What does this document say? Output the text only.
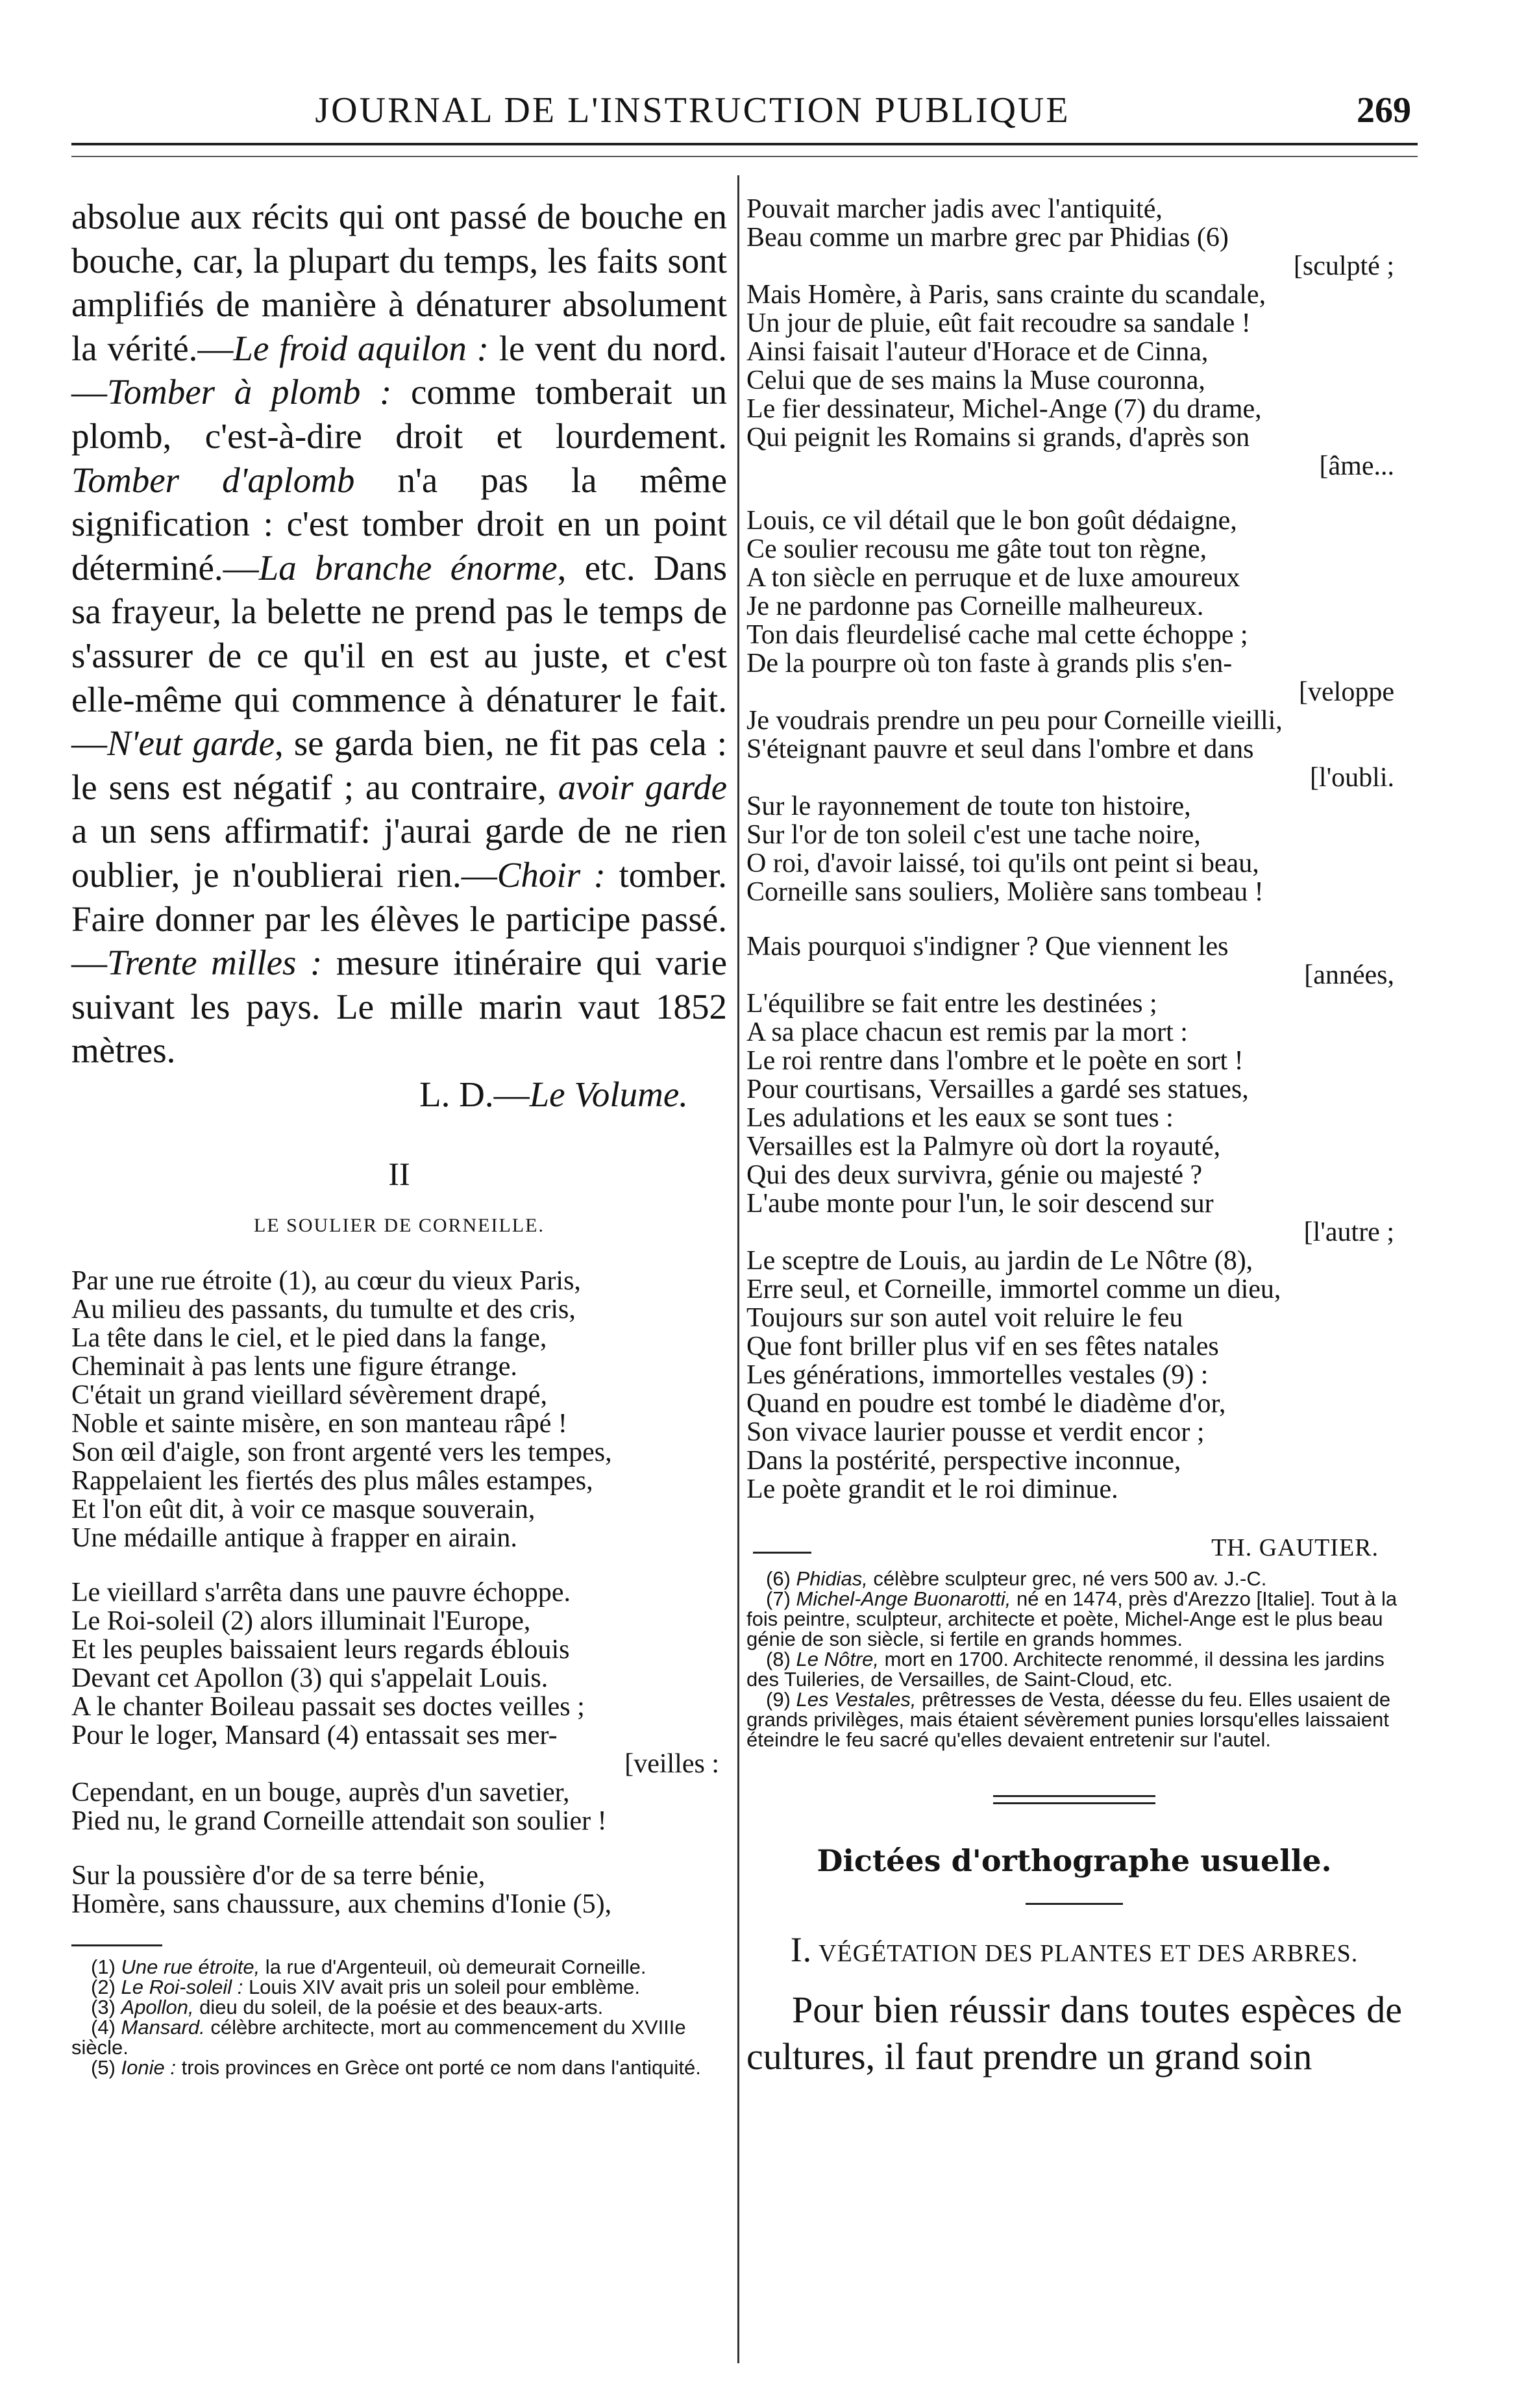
JOURNAL DE L'INSTRUCTION PUBLIQUE	269

absolue aux récits qui ont passé de bouche en bouche, car, la plupart du temps, les faits sont amplifiés de manière à dénaturer absolument la vérité.—Le froid aquilon : le vent du nord.—Tomber à plomb : comme tomberait un plomb, c'est-à-dire droit et lourdement. Tomber d'aplomb n'a pas la même signification : c'est tomber droit en un point déterminé.—La branche énorme, etc. Dans sa frayeur, la belette ne prend pas le temps de s'assurer de ce qu'il en est au juste, et c'est elle-même qui commence à dénaturer le fait.—N'eut garde, se garda bien, ne fit pas cela : le sens est négatif ; au contraire, avoir garde a un sens affirmatif: j'aurai garde de ne rien oublier, je n'oublierai rien.—Choir : tomber. Faire donner par les élèves le participe passé.—Trente milles : mesure itinéraire qui varie suivant les pays. Le mille marin vaut 1852 mètres.

L. D.—Le Volume.

II
LE SOULIER DE CORNEILLE.
Par une rue étroite (1), au cœur du vieux Paris,
Au milieu des passants, du tumulte et des cris,
La tête dans le ciel, et le pied dans la fange,
Cheminait à pas lents une figure étrange.
C'était un grand vieillard sévèrement drapé,
Noble et sainte misère, en son manteau râpé !
Son œil d'aigle, son front argenté vers les tempes,
Rappelaient les fiertés des plus mâles estampes,
Et l'on eût dit, à voir ce masque souverain,
Une médaille antique à frapper en airain.
Le vieillard s'arrêta dans une pauvre échoppe.
Le Roi-soleil (2) alors illuminait l'Europe,
Et les peuples baissaient leurs regards éblouis
Devant cet Apollon (3) qui s'appelait Louis.
A le chanter Boileau passait ses doctes veilles ;
Pour le loger, Mansard (4) entassait ses mer-
[veilles :
Cependant, en un bouge, auprès d'un savetier,
Pied nu, le grand Corneille attendait son soulier !
Sur la poussière d'or de sa terre bénie,
Homère, sans chaussure, aux chemins d'Ionie (5),

(1) Une rue étroite, la rue d'Argenteuil, où demeurait Corneille.

(2) Le Roi-soleil : Louis XIV avait pris un soleil pour emblème.

(3) Apollon, dieu du soleil, de la poésie et des beaux-arts.

(4) Mansard. célèbre architecte, mort au commencement du XVIIIe siècle.

(5) Ionie : trois provinces en Grèce ont porté ce nom dans l'antiquité.

Pouvait marcher jadis avec l'antiquité,
Beau comme un marbre grec par Phidias (6)
[sculpté ;
Mais Homère, à Paris, sans crainte du scandale,
Un jour de pluie, eût fait recoudre sa sandale !
Ainsi faisait l'auteur d'Horace et de Cinna,
Celui que de ses mains la Muse couronna,
Le fier dessinateur, Michel-Ange (7) du drame,
Qui peignit les Romains si grands, d'après son
[âme...
Louis, ce vil détail que le bon goût dédaigne,
Ce soulier recousu me gâte tout ton règne,
A ton siècle en perruque et de luxe amoureux
Je ne pardonne pas Corneille malheureux.
Ton dais fleurdelisé cache mal cette échoppe ;
De la pourpre où ton faste à grands plis s'en-
[veloppe
Je voudrais prendre un peu pour Corneille vieilli,
S'éteignant pauvre et seul dans l'ombre et dans
[l'oubli.
Sur le rayonnement de toute ton histoire,
Sur l'or de ton soleil c'est une tache noire,
O roi, d'avoir laissé, toi qu'ils ont peint si beau,
Corneille sans souliers, Molière sans tombeau !
Mais pourquoi s'indigner ? Que viennent les
[années,
L'équilibre se fait entre les destinées ;
A sa place chacun est remis par la mort :
Le roi rentre dans l'ombre et le poète en sort !
Pour courtisans, Versailles a gardé ses statues,
Les adulations et les eaux se sont tues :
Versailles est la Palmyre où dort la royauté,
Qui des deux survivra, génie ou majesté ?
L'aube monte pour l'un, le soir descend sur
[l'autre ;
Le sceptre de Louis, au jardin de Le Nôtre (8),
Erre seul, et Corneille, immortel comme un dieu,
Toujours sur son autel voit reluire le feu
Que font briller plus vif en ses fêtes natales
Les générations, immortelles vestales (9) :
Quand en poudre est tombé le diadème d'or,
Son vivace laurier pousse et verdit encor ;
Dans la postérité, perspective inconnue,
Le poète grandit et le roi diminue.
TH. GAUTIER.

(6) Phidias, célèbre sculpteur grec, né vers 500 av. J.-C.

(7) Michel-Ange Buonarotti, né en 1474, près d'Arezzo [Italie]. Tout à la fois peintre, sculpteur, architecte et poète, Michel-Ange est le plus beau génie de son siècle, si fertile en grands hommes.

(8) Le Nôtre, mort en 1700. Architecte renommé, il dessina les jardins des Tuileries, de Versailles, de Saint-Cloud, etc.

(9) Les Vestales, prêtresses de Vesta, déesse du feu. Elles usaient de grands privilèges, mais étaient sévèrement punies lorsqu'elles laissaient éteindre le feu sacré qu'elles devaient entretenir sur l'autel.

Dictées d'orthographe usuelle.
I. VÉGÉTATION DES PLANTES ET DES ARBRES.

Pour bien réussir dans toutes espèces de cultures, il faut prendre un grand soin
